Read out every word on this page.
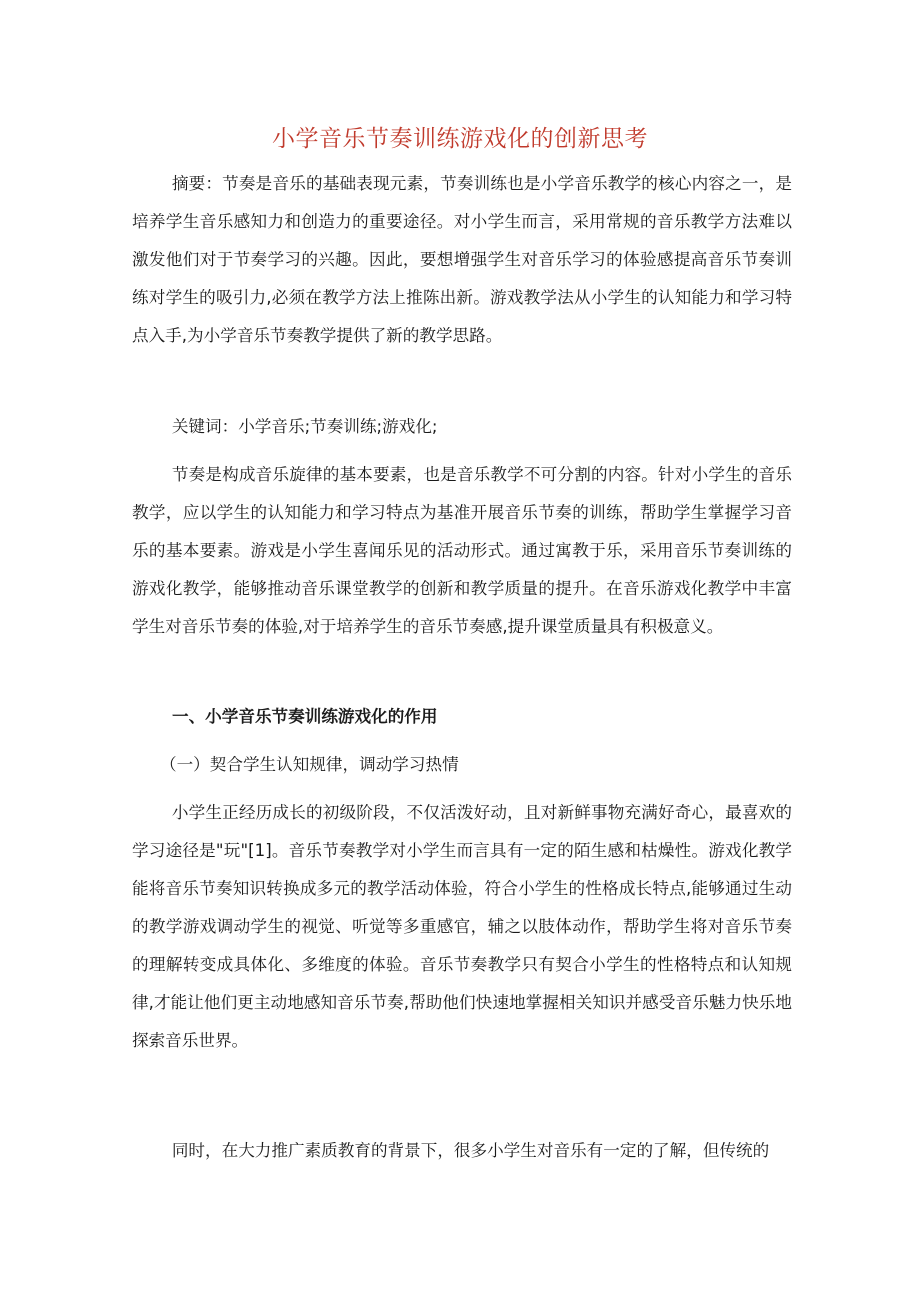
小学音乐节奏训练游戏化的创新思考

摘要：节奏是音乐的基础表现元素，节奏训练也是小学音乐教学的核心内容之一，是培养学生音乐感知力和创造力的重要途径。对小学生而言，采用常规的音乐教学方法难以激发他们对于节奏学习的兴趣。因此，要想增强学生对音乐学习的体验感提高音乐节奏训练对学生的吸引力,必须在教学方法上推陈出新。游戏教学法从小学生的认知能力和学习特点入手,为小学音乐节奏教学提供了新的教学思路。

关键词：小学音乐;节奏训练;游戏化;

节奏是构成音乐旋律的基本要素，也是音乐教学不可分割的内容。针对小学生的音乐教学，应以学生的认知能力和学习特点为基准开展音乐节奏的训练，帮助学生掌握学习音乐的基本要素。游戏是小学生喜闻乐见的活动形式。通过寓教于乐，采用音乐节奏训练的游戏化教学，能够推动音乐课堂教学的创新和教学质量的提升。在音乐游戏化教学中丰富学生对音乐节奏的体验,对于培养学生的音乐节奏感,提升课堂质量具有积极意义。

一、小学音乐节奏训练游戏化的作用
（一）契合学生认知规律，调动学习热情

小学生正经历成长的初级阶段，不仅活泼好动，且对新鲜事物充满好奇心，最喜欢的学习途径是"玩"[1]。音乐节奏教学对小学生而言具有一定的陌生感和枯燥性。游戏化教学能将音乐节奏知识转换成多元的教学活动体验，符合小学生的性格成长特点,能够通过生动的教学游戏调动学生的视觉、听觉等多重感官，辅之以肢体动作，帮助学生将对音乐节奏的理解转变成具体化、多维度的体验。音乐节奏教学只有契合小学生的性格特点和认知规律,才能让他们更主动地感知音乐节奏,帮助他们快速地掌握相关知识并感受音乐魅力快乐地探索音乐世界。

同时，在大力推广素质教育的背景下，很多小学生对音乐有一定的了解，但传统的
